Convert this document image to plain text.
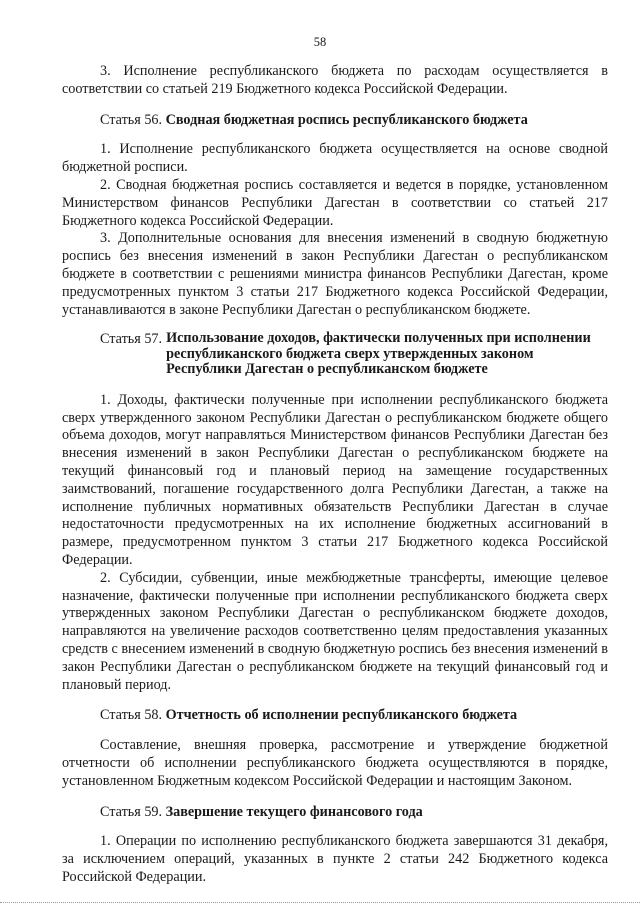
58

3. Исполнение республиканского бюджета по расходам осуществляется в соответствии со статьей 219 Бюджетного кодекса Российской Федерации.

Статья 56. Сводная бюджетная роспись республиканского бюджета

1. Исполнение республиканского бюджета осуществляется на основе сводной бюджетной росписи.

2. Сводная бюджетная роспись составляется и ведется в порядке, установленном Министерством финансов Республики Дагестан в соответствии со статьей 217 Бюджетного кодекса Российской Федерации.

3. Дополнительные основания для внесения изменений в сводную бюджетную роспись без внесения изменений в закон Республики Дагестан о республиканском бюджете в соответствии с решениями министра финансов Республики Дагестан, кроме предусмотренных пунктом 3 статьи 217 Бюджетного кодекса Российской Федерации, устанавливаются в законе Республики Дагестан о республиканском бюджете.

Статья 57. Использование доходов, фактически полученных при исполнении республиканского бюджета сверх утвержденных законом Республики Дагестан о республиканском бюджете

1. Доходы, фактически полученные при исполнении республиканского бюджета сверх утвержденного законом Республики Дагестан о республиканском бюджете общего объема доходов, могут направляться Министерством финансов Республики Дагестан без внесения изменений в закон Республики Дагестан о республиканском бюджете на текущий финансовый год и плановый период на замещение государственных заимствований, погашение государственного долга Республики Дагестан, а также на исполнение публичных нормативных обязательств Республики Дагестан в случае недостаточности предусмотренных на их исполнение бюджетных ассигнований в размере, предусмотренном пунктом 3 статьи 217 Бюджетного кодекса Российской Федерации.

2. Субсидии, субвенции, иные межбюджетные трансферты, имеющие целевое назначение, фактически полученные при исполнении республиканского бюджета сверх утвержденных законом Республики Дагестан о республиканском бюджете доходов, направляются на увеличение расходов соответственно целям предоставления указанных средств с внесением изменений в сводную бюджетную роспись без внесения изменений в закон Республики Дагестан о республиканском бюджете на текущий финансовый год и плановый период.

Статья 58. Отчетность об исполнении республиканского бюджета

Составление, внешняя проверка, рассмотрение и утверждение бюджетной отчетности об исполнении республиканского бюджета осуществляются в порядке, установленном Бюджетным кодексом Российской Федерации и настоящим Законом.

Статья 59. Завершение текущего финансового года

1. Операции по исполнению республиканского бюджета завершаются 31 декабря, за исключением операций, указанных в пункте 2 статьи 242 Бюджетного кодекса Российской Федерации.
